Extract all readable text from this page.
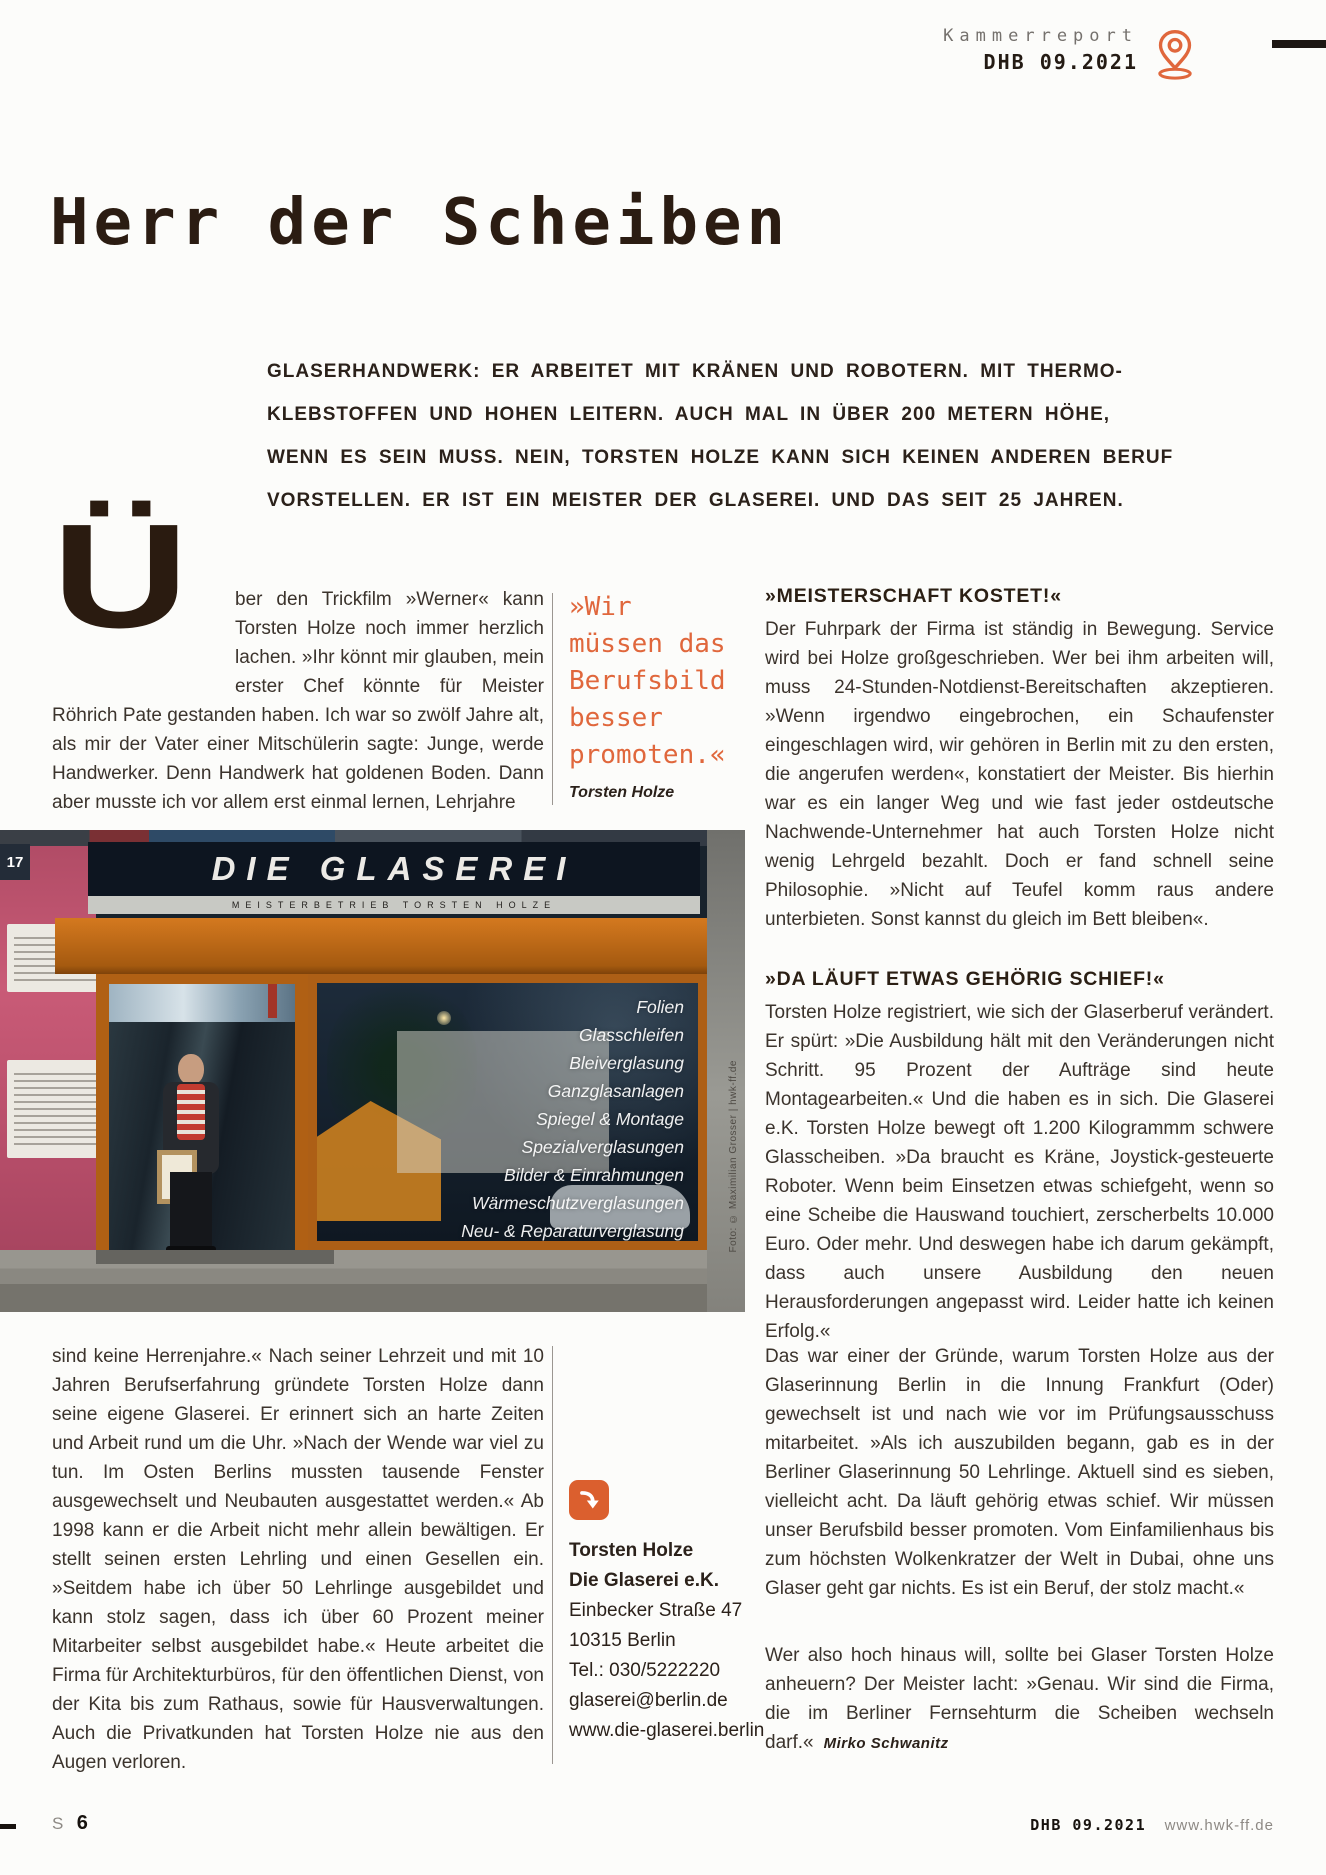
Kammerreport
DHB 09.2021
Herr der Scheiben
GLASERHANDWERK: ER ARBEITET MIT KRÄNEN UND ROBOTERN. MIT THERMO-
KLEBSTOFFEN UND HOHEN LEITERN. AUCH MAL IN ÜBER 200 METERN HÖHE,
WENN ES SEIN MUSS. NEIN, TORSTEN HOLZE KANN SICH KEINEN ANDEREN BERUF
VORSTELLEN. ER IST EIN MEISTER DER GLASEREI. UND DAS SEIT 25 JAHREN.
Ü ber den Trickfilm »Werner« kann Torsten Holze noch immer herzlich lachen. »Ihr könnt mir glauben, mein erster Chef könnte für Meister Röhrich Pate gestanden haben. Ich war so zwölf Jahre alt, als mir der Vater einer Mitschülerin sagte: Junge, werde Handwerker. Denn Handwerk hat goldenen Boden. Dann aber musste ich vor allem erst einmal lernen, Lehrjahre
»Wir
müssen das
Berufsbild
besser
promoten.«
Torsten Holze
»MEISTERSCHAFT KOSTET!«
Der Fuhrpark der Firma ist ständig in Bewegung. Service wird bei Holze großgeschrieben. Wer bei ihm arbeiten will, muss 24-Stunden-Notdienst-Bereitschaften akzeptieren. »Wenn irgendwo eingebrochen, ein Schaufenster eingeschlagen wird, wir gehören in Berlin mit zu den ersten, die angerufen werden«, konstatiert der Meister. Bis hierhin war es ein langer Weg und wie fast jeder ostdeutsche Nachwende-Unternehmer hat auch Torsten Holze nicht wenig Lehrgeld bezahlt. Doch er fand schnell seine Philosophie. »Nicht auf Teufel komm raus andere unterbieten. Sonst kannst du gleich im Bett bleiben«.
»DA LÄUFT ETWAS GEHÖRIG SCHIEF!«
Torsten Holze registriert, wie sich der Glaserberuf verändert. Er spürt: »Die Ausbildung hält mit den Veränderungen nicht Schritt. 95 Prozent der Aufträge sind heute Montagearbeiten.« Und die haben es in sich. Die Glaserei e.K. Torsten Holze bewegt oft 1.200 Kilogrammm schwere Glasscheiben. »Da braucht es Kräne, Joystick-gesteuerte Roboter. Wenn beim Einsetzen etwas schiefgeht, wenn so eine Scheibe die Hauswand touchiert, zerscherbelts 10.000 Euro. Oder mehr. Und deswegen habe ich darum gekämpft, dass auch unsere Ausbildung den neuen Herausforderungen angepasst wird. Leider hatte ich keinen Erfolg.«
17	DIE GLASEREI
MEISTERBETRIEB TORSTEN HOLZE
Folien
Glasschleifen
Bleiverglasung
Ganzglasanlagen
Spiegel & Montage
Spezialverglasungen
Bilder & Einrahmungen
Wärmeschutzverglasungen
Neu- & Reparaturverglasung	Foto: © Maximilian Grosser | hwk-ff.de
sind keine Herrenjahre.« Nach seiner Lehrzeit und mit 10 Jahren Berufserfahrung gründete Torsten Holze dann seine eigene Glaserei. Er erinnert sich an harte Zeiten und Arbeit rund um die Uhr. »Nach der Wende war viel zu tun. Im Osten Berlins mussten tausende Fenster ausgewechselt und Neubauten ausgestattet werden.« Ab 1998 kann er die Arbeit nicht mehr allein bewältigen. Er stellt seinen ersten Lehrling und einen Gesellen ein. »Seitdem habe ich über 50 Lehrlinge ausgebildet und kann stolz sagen, dass ich über 60 Prozent meiner Mitarbeiter selbst ausgebildet habe.« Heute arbeitet die Firma für Architekturbüros, für den öffentlichen Dienst, von der Kita bis zum Rathaus, sowie für Hausverwaltungen. Auch die Privatkunden hat Torsten Holze nie aus den Augen verloren.
Torsten Holze
Die Glaserei e.K.
Einbecker Straße 47
10315 Berlin
Tel.: 030/5222220
glaserei@berlin.de
www.die-glaserei.berlin
Das war einer der Gründe, warum Torsten Holze aus der Glaserinnung Berlin in die Innung Frankfurt (Oder) gewechselt ist und nach wie vor im Prüfungsausschuss mitarbeitet. »Als ich auszubilden begann, gab es in der Berliner Glaserinnung 50 Lehrlinge. Aktuell sind es sieben, vielleicht acht. Da läuft gehörig etwas schief. Wir müssen unser Berufsbild besser promoten. Vom Einfamilienhaus bis zum höchsten Wolkenkratzer der Welt in Dubai, ohne uns Glaser geht gar nichts. Es ist ein Beruf, der stolz macht.«
Wer also hoch hinaus will, sollte bei Glaser Torsten Holze anheuern? Der Meister lacht: »Genau. Wir sind die Firma, die im Berliner Fernsehturm die Scheiben wechseln darf.« Mirko Schwanitz
S 6	DHB 09.2021 www.hwk-ff.de
